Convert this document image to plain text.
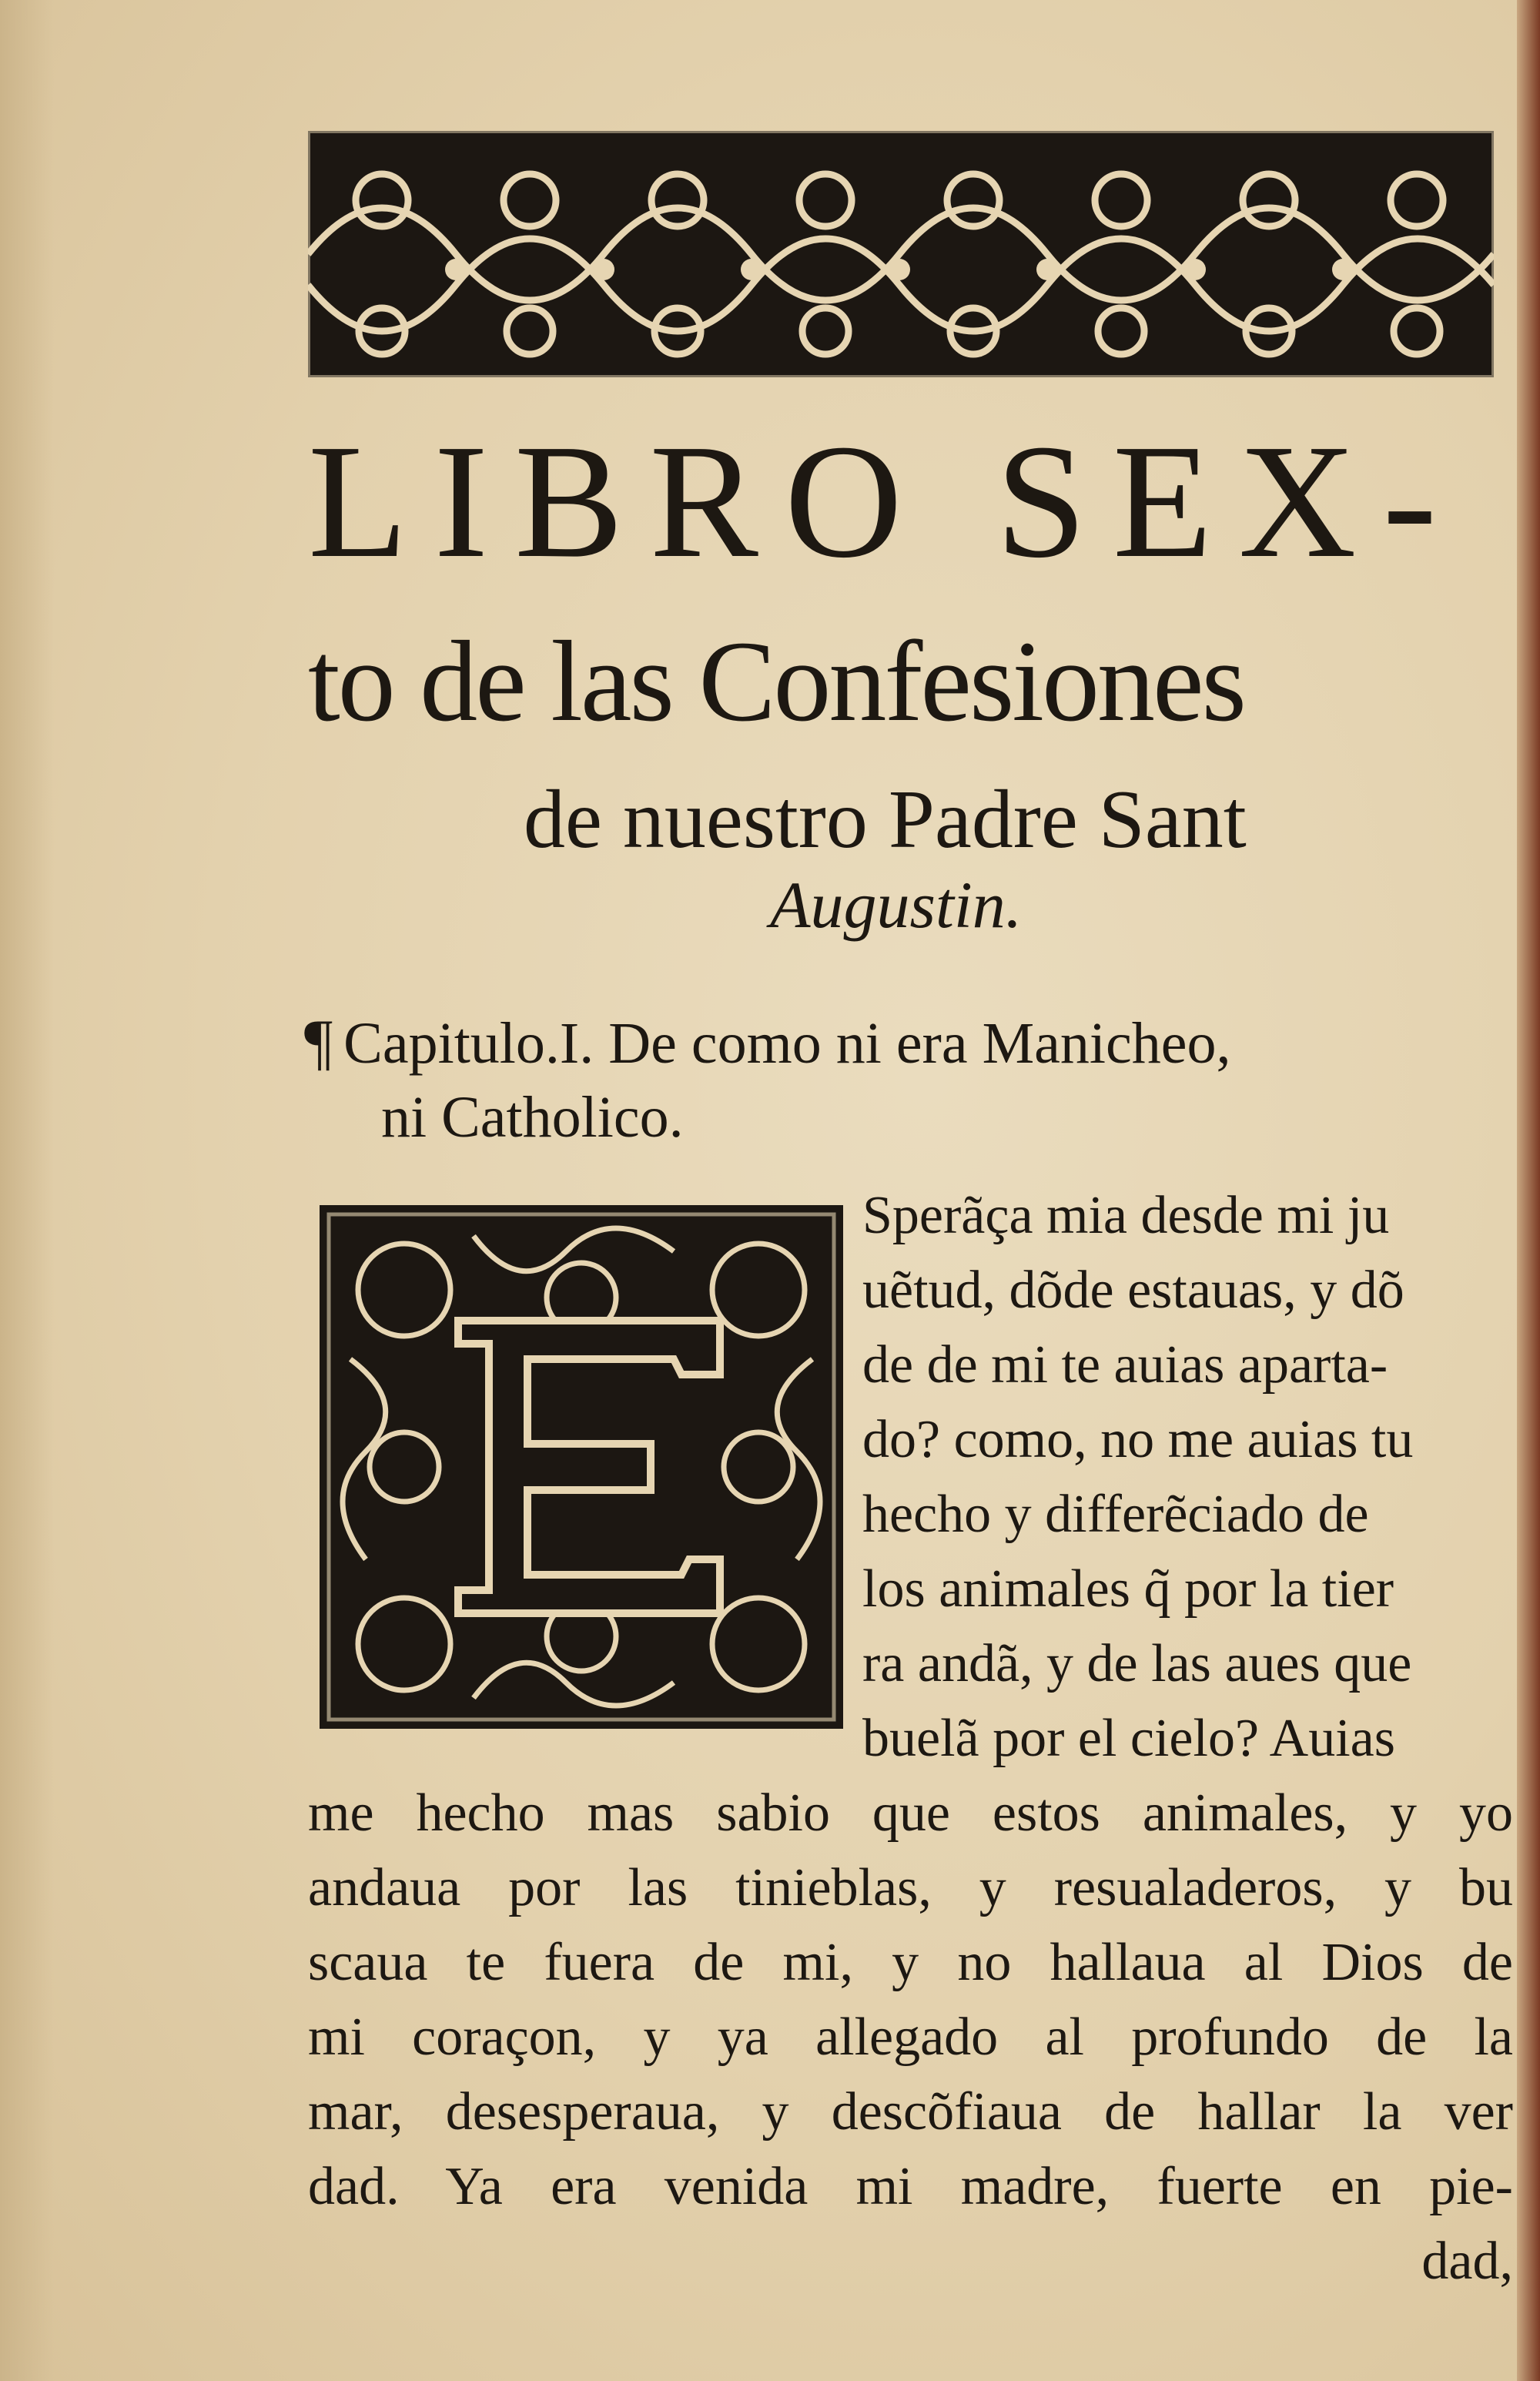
LIBRO SEX-
to de las Confesiones
de nuestro Padre Sant
Augustin.
¶ Capitulo.I. De como ni era Manicheo,
ni Catholico.
Sperãça mia desde mi ju
uẽtud, dõde estauas, y dõ
de de mi te auias aparta-
do? como, no me auias tu
hecho y differẽciado de
los animales q̃ por la tier
ra andã, y de las aues que
buelã por el cielo? Auias
me hecho mas sabio que estos animales, y yo
andaua por las tinieblas, y resualaderos, y bu
scaua te fuera de mi, y no hallaua al Dios de
mi coraçon, y ya allegado al profundo de la
mar, desesperaua, y descõfiaua de hallar la ver
dad. Ya era venida mi madre, fuerte en pie-
dad,
